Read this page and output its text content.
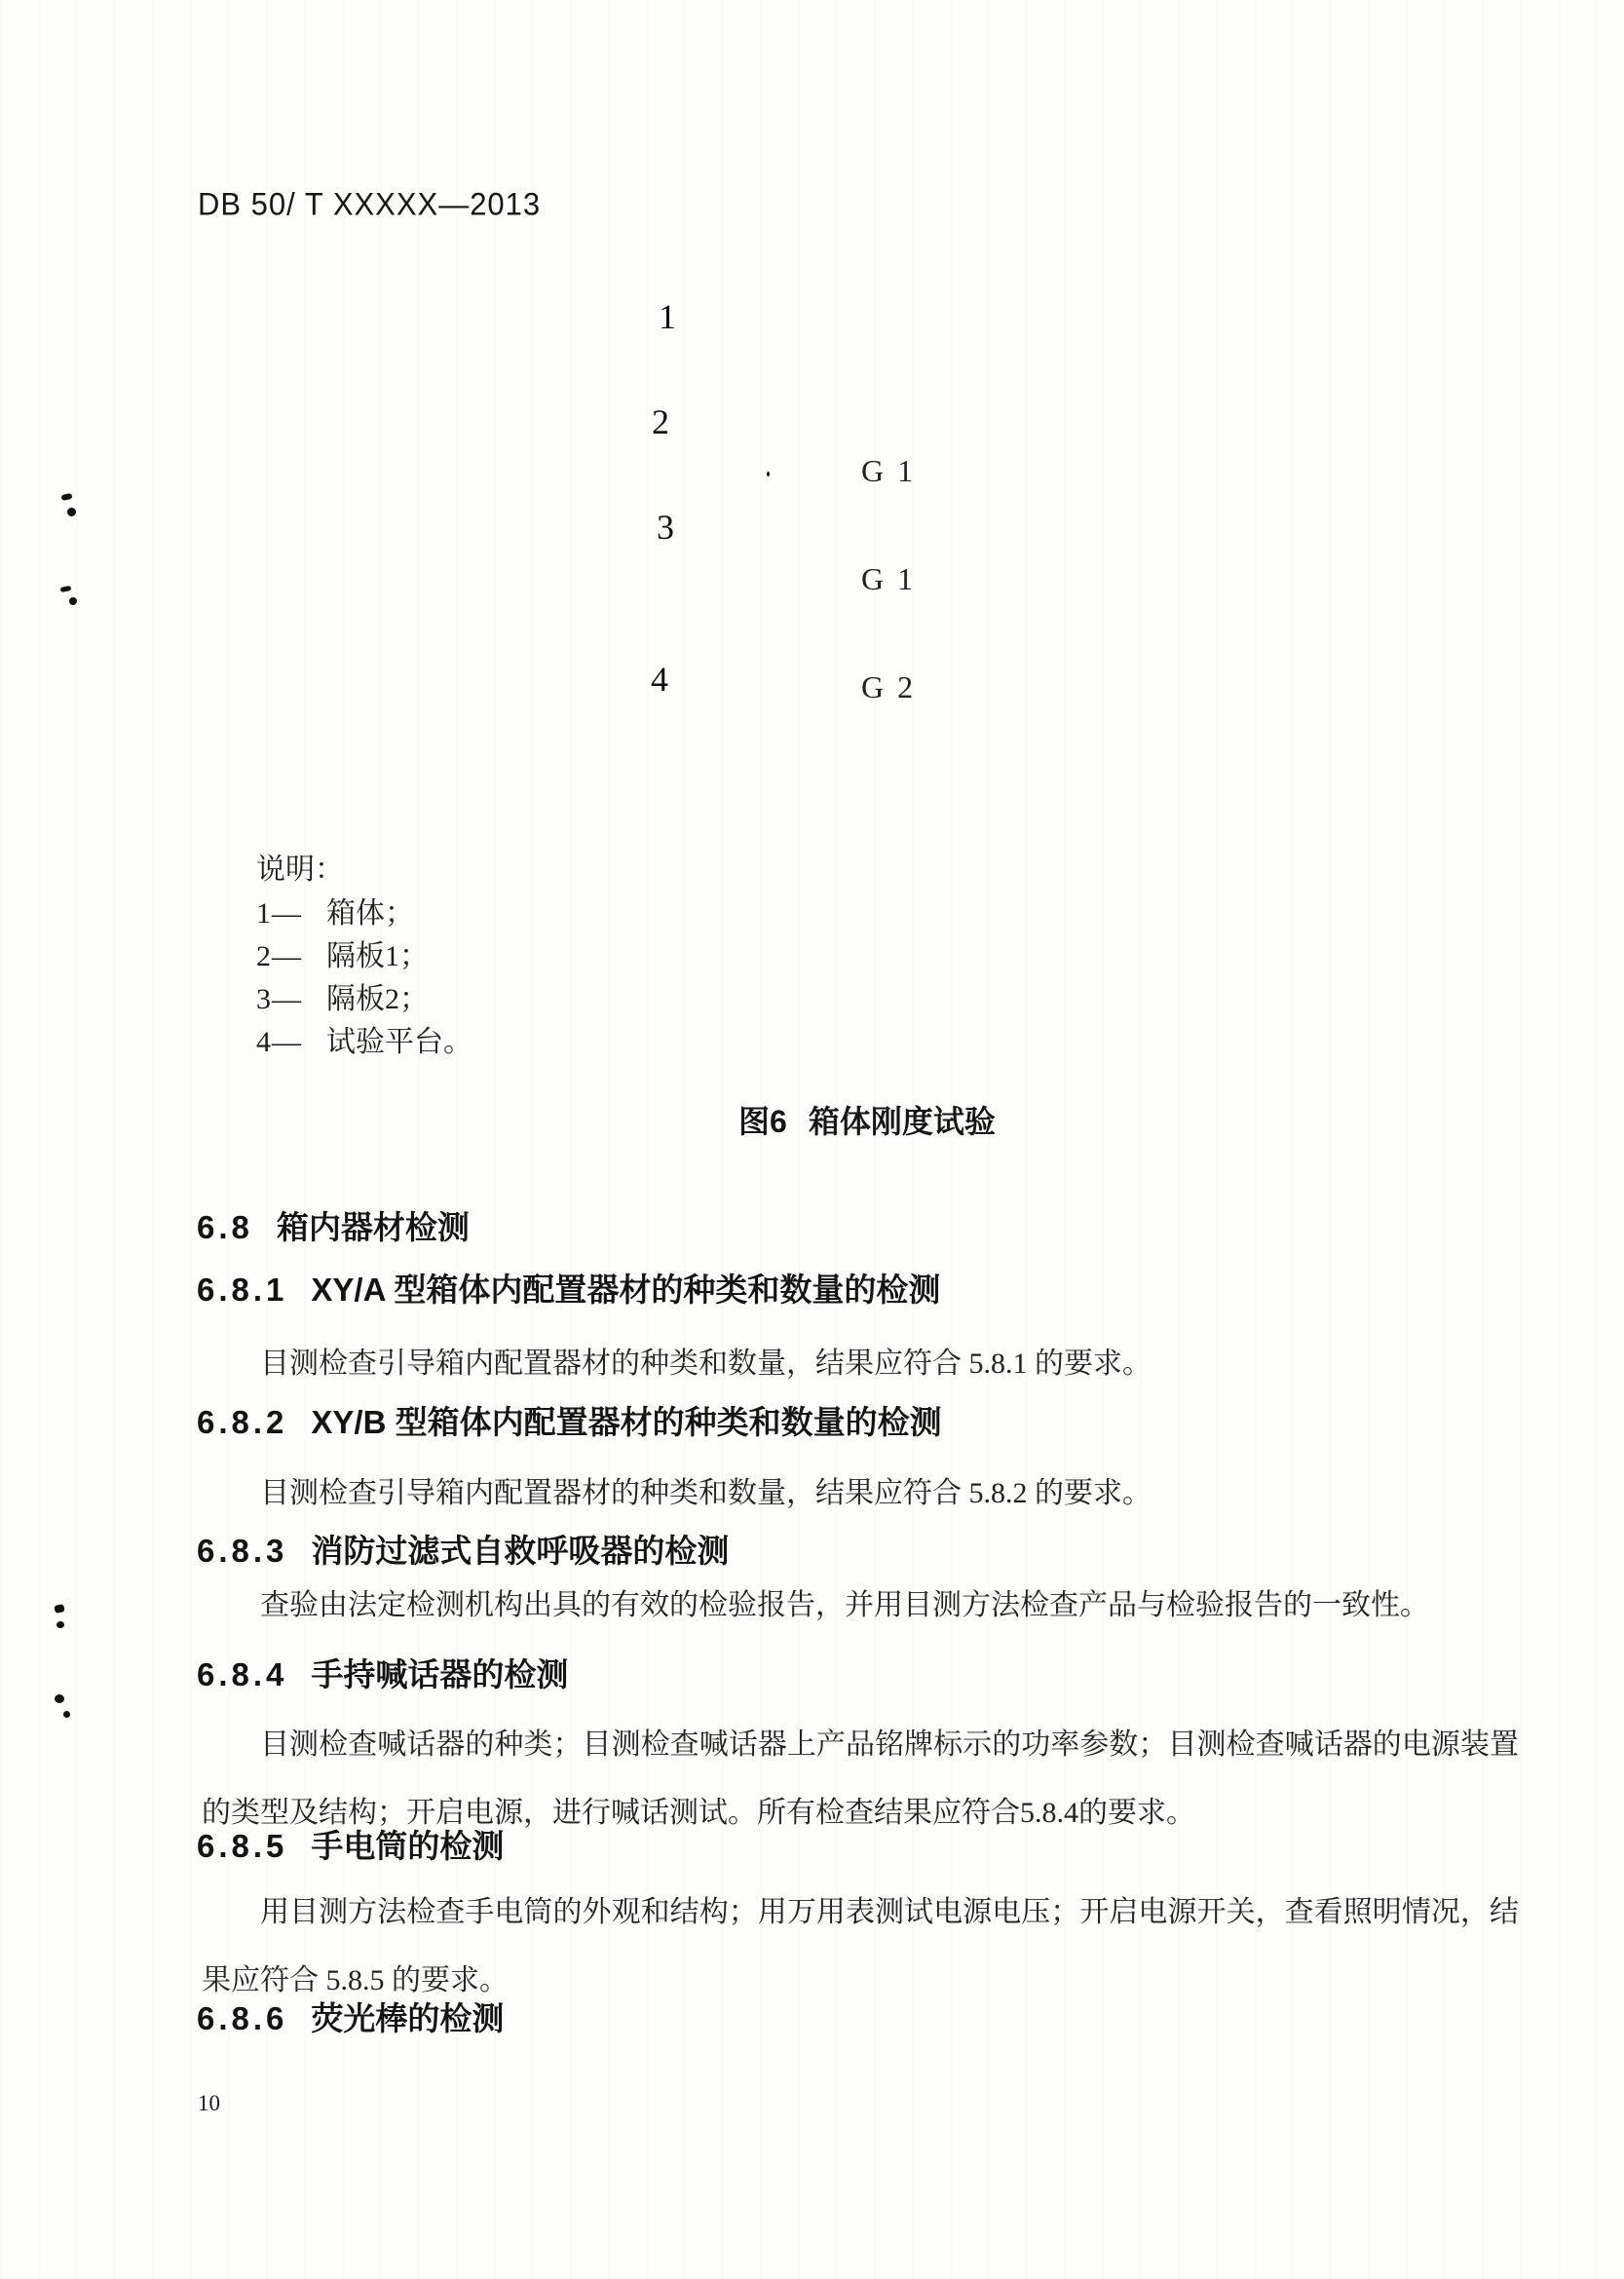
DB 50/ T XXXXX—2013
1
2
G 1
3
G 1
4	G 2
说明：
1— 箱体；
2— 隔板1；
3— 隔板2；
4— 试验平台。
图6 箱体刚度试验
6.8 箱内器材检测
6.8.1 XY/A 型箱体内配置器材的种类和数量的检测
目测检查引导箱内配置器材的种类和数量，结果应符合 5.8.1 的要求。
6.8.2 XY/B 型箱体内配置器材的种类和数量的检测
目测检查引导箱内配置器材的种类和数量，结果应符合 5.8.2 的要求。
6.8.3 消防过滤式自救呼吸器的检测
查验由法定检测机构出具的有效的检验报告，并用目测方法检查产品与检验报告的一致性。
6.8.4 手持喊话器的检测
目测检查喊话器的种类；目测检查喊话器上产品铭牌标示的功率参数；目测检查喊话器的电源装置的类型及结构；开启电源，进行喊话测试。所有检查结果应符合5.8.4的要求。
6.8.5 手电筒的检测
用目测方法检查手电筒的外观和结构；用万用表测试电源电压；开启电源开关，查看照明情况，结果应符合 5.8.5 的要求。
6.8.6 荧光棒的检测
10
